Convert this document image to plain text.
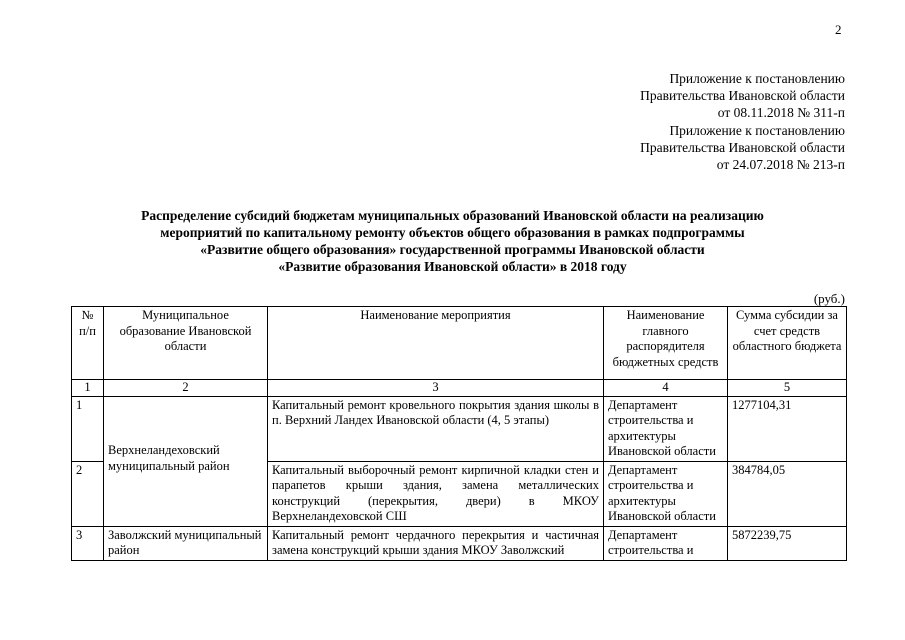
2
Приложение к постановлению
Правительства Ивановской области
от 08.11.2018 № 311-п
Приложение к постановлению
Правительства Ивановской области
от 24.07.2018 № 213-п
Распределение субсидий бюджетам муниципальных образований Ивановской области на реализацию
мероприятий по капитальному ремонту объектов общего образования в рамках подпрограммы
«Развитие общего образования» государственной программы Ивановской области
«Развитие образования Ивановской области» в 2018 году
(руб.)
№ п/п	Муниципальное образование Ивановской области	Наименование мероприятия	Наименование главного распорядителя бюджетных средств	Сумма субсидии за счет средств областного бюджета
1	2	3	4	5
1	Верхнеландеховский муниципальный район	Капитальный ремонт кровельного покрытия здания школы в п. Верхний Ландех Ивановской области (4, 5 этапы)	Департамент строительства и архитектуры Ивановской области	1277104,31
2		Капитальный выборочный ремонт кирпичной кладки стен и парапетов крыши здания, замена металлических конструкций (перекрытия, двери) в МКОУ Верхнеландеховской СШ	Департамент строительства и архитектуры Ивановской области	384784,05
3	Заволжский муниципальный район	Капитальный ремонт чердачного перекрытия и частичная замена конструкций крыши здания МКОУ Заволжский	Департамент строительства и	5872239,75
